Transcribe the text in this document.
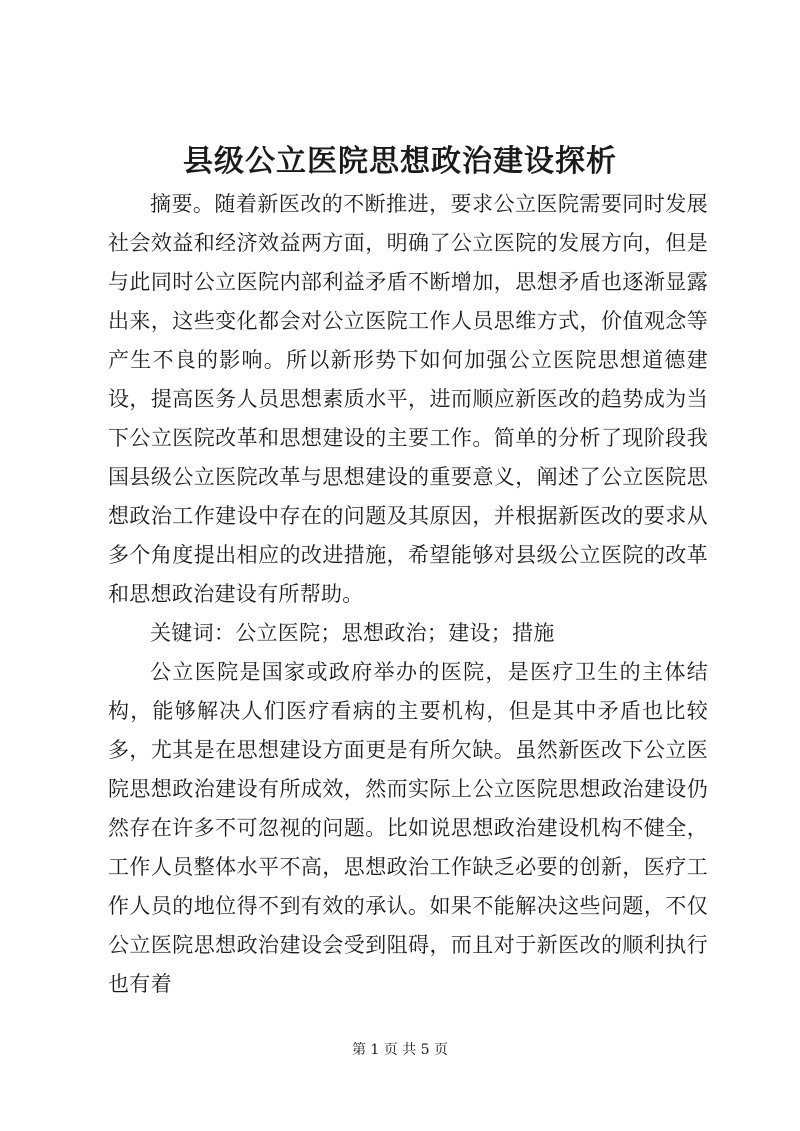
县级公立医院思想政治建设探析

摘要。随着新医改的不断推进，要求公立医院需要同时发展社会效益和经济效益两方面，明确了公立医院的发展方向，但是与此同时公立医院内部利益矛盾不断增加，思想矛盾也逐渐显露出来，这些变化都会对公立医院工作人员思维方式，价值观念等产生不良的影响。所以新形势下如何加强公立医院思想道德建设，提高医务人员思想素质水平，进而顺应新医改的趋势成为当下公立医院改革和思想建设的主要工作。简单的分析了现阶段我国县级公立医院改革与思想建设的重要意义，阐述了公立医院思想政治工作建设中存在的问题及其原因，并根据新医改的要求从多个角度提出相应的改进措施，希望能够对县级公立医院的改革和思想政治建设有所帮助。

关键词：公立医院；思想政治；建设；措施

公立医院是国家或政府举办的医院，是医疗卫生的主体结构，能够解决人们医疗看病的主要机构，但是其中矛盾也比较多，尤其是在思想建设方面更是有所欠缺。虽然新医改下公立医院思想政治建设有所成效，然而实际上公立医院思想政治建设仍然存在许多不可忽视的问题。比如说思想政治建设机构不健全，工作人员整体水平不高，思想政治工作缺乏必要的创新，医疗工作人员的地位得不到有效的承认。如果不能解决这些问题，不仅公立医院思想政治建设会受到阻碍，而且对于新医改的顺利执行也有着

第 1 页 共 5 页
